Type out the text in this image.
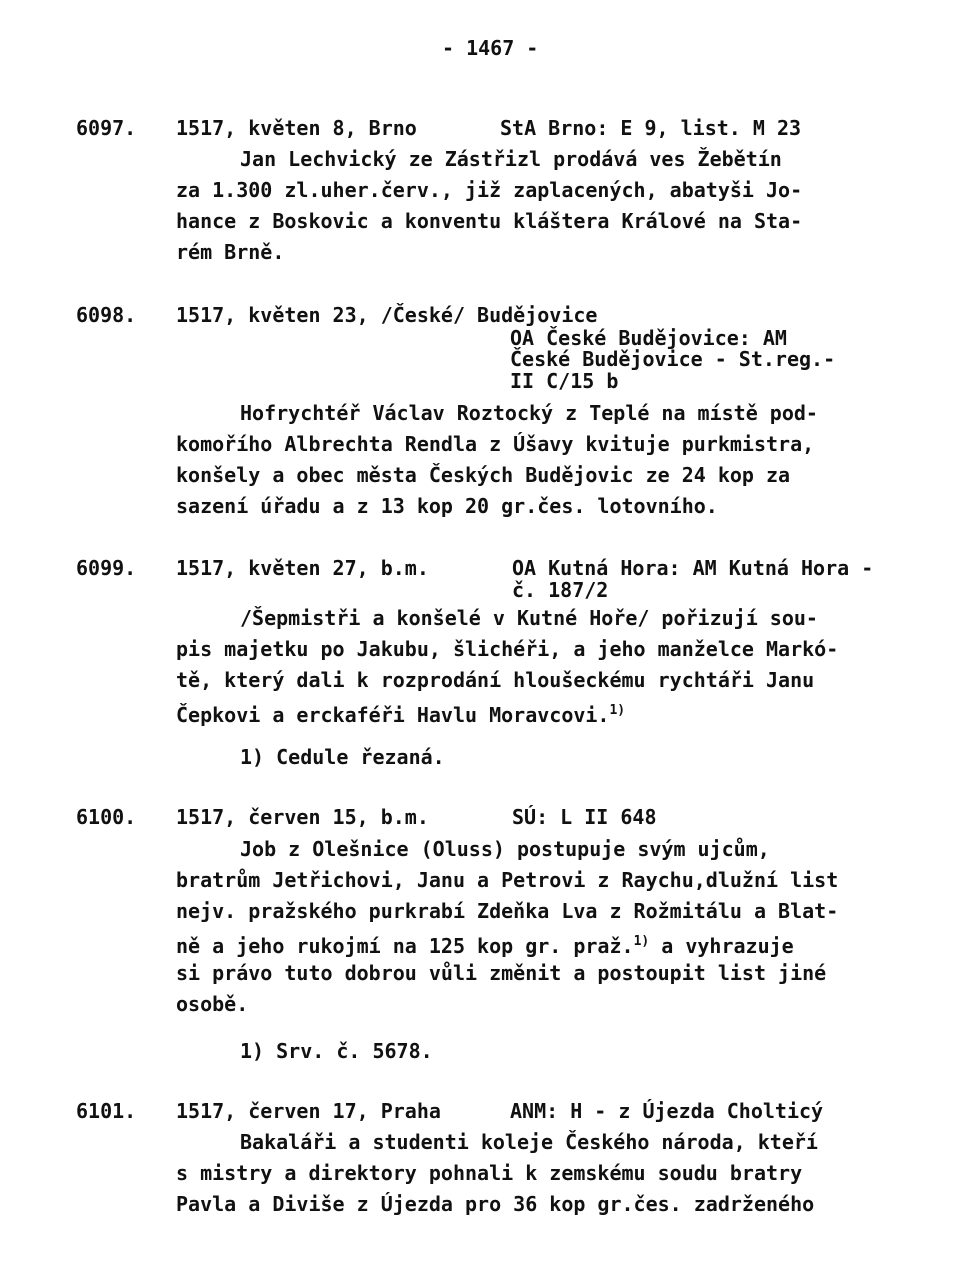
- 1467 -
6097. 1517, květen 8, Brno	StA Brno: E 9, list. M 23
Jan Lechvický ze Zástřizl prodává ves Žebětín
za 1.300 zl.uher.červ., již zaplacených, abatyši Jo-
hance z Boskovic a konventu kláštera Králové na Sta-
rém Brně.
6098. 1517, květen 23, /České/ Budějovice
OA České Budějovice: AM
České Budějovice - St.reg.-
II C/15 b
Hofrychtéř Václav Roztocký z Teplé na místě pod-
komořího Albrechta Rendla z Úšavy kvituje purkmistra,
konšely a obec města Českých Budějovic ze 24 kop za
sazení úřadu a z 13 kop 20 gr.čes. lotovního.
6099. 1517, květen 27, b.m.	OA Kutná Hora: AM Kutná Hora -
č. 187/2
/Šepmistři a konšelé v Kutné Hoře/ pořizují sou-
pis majetku po Jakubu, šlichéři, a jeho manželce Markó-
tě, který dali k rozprodání hloušeckému rychtáři Janu
Čepkovi a erckaféři Havlu Moravcovi.$^{1)}$
1) Cedule řezaná.
6100. 1517, červen 15, b.m.	SÚ: L II 648
Job z Olešnice (Oluss) postupuje svým ujcům,
bratrům Jetřichovi, Janu a Petrovi z Raychu,dlužní list
nejv. pražského purkrabí Zdeňka Lva z Rožmitálu a Blat-
ně a jeho rukojmí na 125 kop gr. praž.$^{1)}$ a vyhrazuje
si právo tuto dobrou vůli změnit a postoupit list jiné
osobě.
1) Srv. č. 5678.
6101. 1517, červen 17, Praha	ANM: H - z Újezda Cholticý
Bakaláři a studenti koleje Českého národa, kteří
s mistry a direktory pohnali k zemskému soudu bratry
Pavla a Diviše z Újezda pro 36 kop gr.čes. zadrženého
